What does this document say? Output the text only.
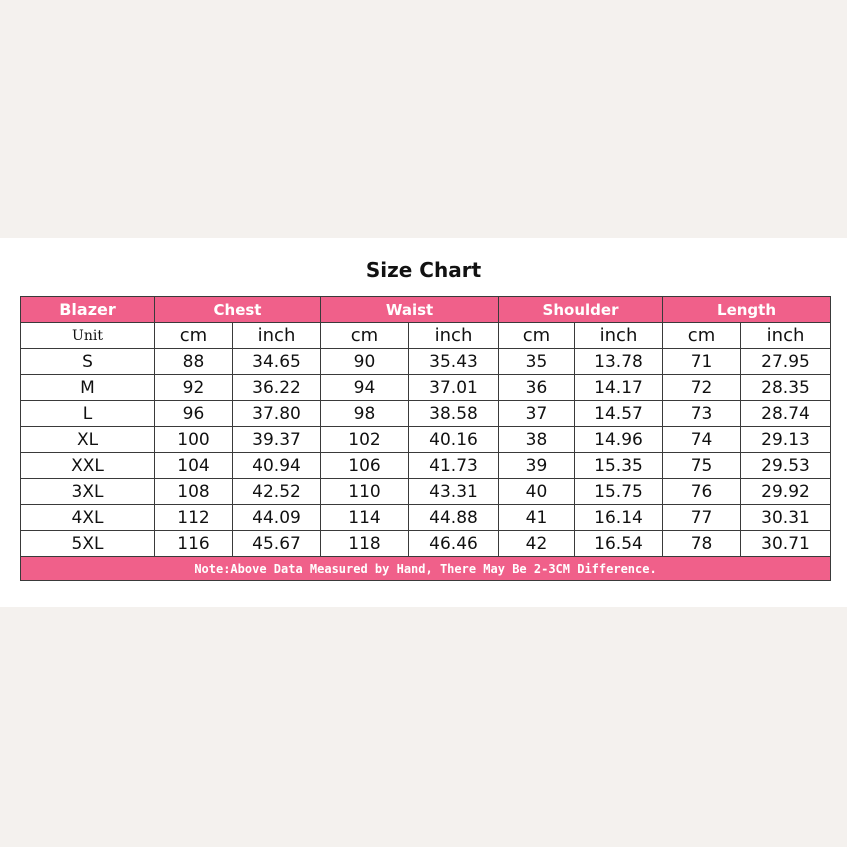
Size Chart
Blazer	Chest		Waist		Shoulder		Length	
Unit	cm	inch	cm	inch	cm	inch	cm	inch
S	88	34.65	90	35.43	35	13.78	71	27.95
M	92	36.22	94	37.01	36	14.17	72	28.35
L	96	37.80	98	38.58	37	14.57	73	28.74
XL	100	39.37	102	40.16	38	14.96	74	29.13
XXL	104	40.94	106	41.73	39	15.35	75	29.53
3XL	108	42.52	110	43.31	40	15.75	76	29.92
4XL	112	44.09	114	44.88	41	16.14	77	30.31
5XL	116	45.67	118	46.46	42	16.54	78	30.71
Note:Above Data Measured by Hand, There May Be 2-3CM Difference.								
